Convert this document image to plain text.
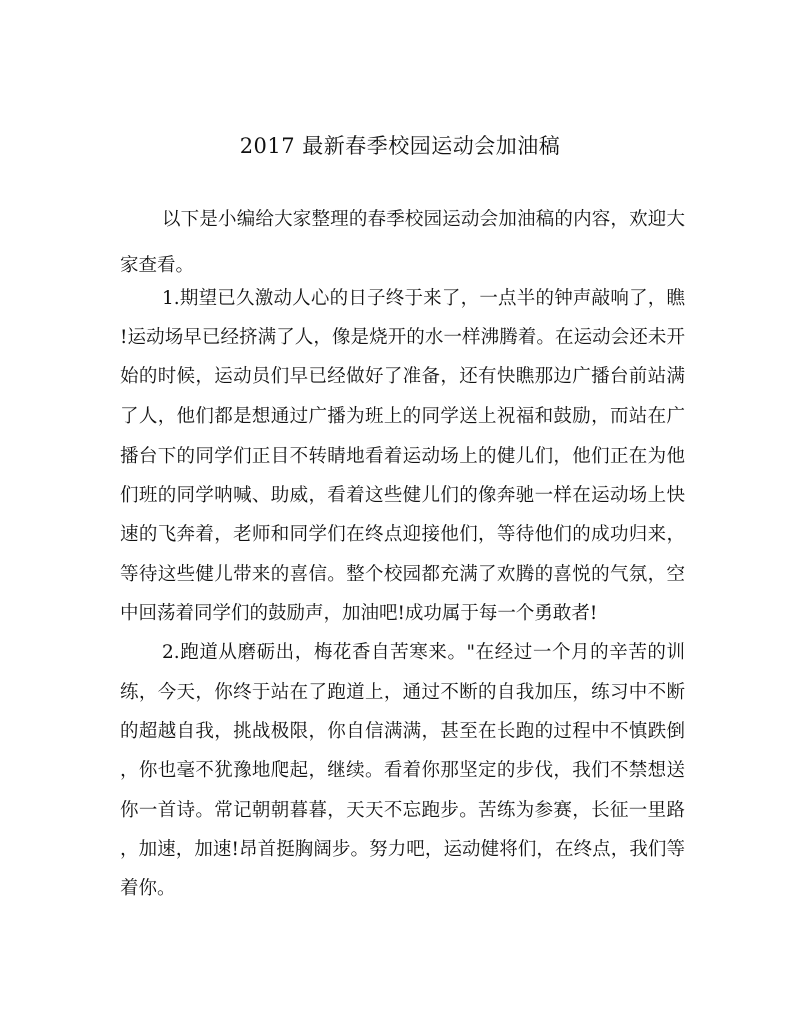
2017 最新春季校园运动会加油稿
以下是小编给大家整理的春季校园运动会加油稿的内容，欢迎大
家查看。
1.期望已久激动人心的日子终于来了，一点半的钟声敲响了，瞧
!运动场早已经挤满了人，像是烧开的水一样沸腾着。在运动会还未开
始的时候，运动员们早已经做好了准备，还有快瞧那边广播台前站满
了人，他们都是想通过广播为班上的同学送上祝福和鼓励，而站在广
播台下的同学们正目不转睛地看着运动场上的健儿们，他们正在为他
们班的同学呐喊、助威，看着这些健儿们的像奔驰一样在运动场上快
速的飞奔着，老师和同学们在终点迎接他们，等待他们的成功归来，
等待这些健儿带来的喜信。整个校园都充满了欢腾的喜悦的气氛，空
中回荡着同学们的鼓励声，加油吧!成功属于每一个勇敢者!
2.跑道从磨砺出，梅花香自苦寒来。"在经过一个月的辛苦的训
练，今天，你终于站在了跑道上，通过不断的自我加压，练习中不断
的超越自我，挑战极限，你自信满满，甚至在长跑的过程中不慎跌倒
，你也毫不犹豫地爬起，继续。看着你那坚定的步伐，我们不禁想送
你一首诗。常记朝朝暮暮，天天不忘跑步。苦练为参赛，长征一里路
，加速，加速!昂首挺胸阔步。努力吧，运动健将们，在终点，我们等
着你。
